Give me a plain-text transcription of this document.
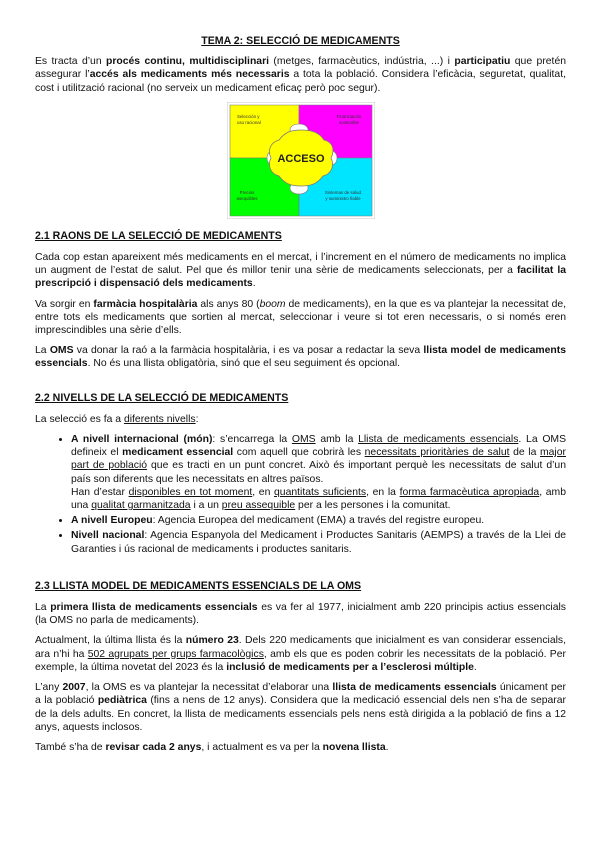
TEMA 2: SELECCIÓ DE MEDICAMENTS

Es tracta d’un procés continu, multidisciplinari (metges, farmacèutics, indústria, ...) i participatiu que pretén assegurar l’accés als medicaments més necessaris a tota la població. Considera l’eficàcia, seguretat, qualitat, cost i utilització racional (no serveix un medicament eficaç però poc segur).

ACCESO
Selección y
uso racional
Financiación
sostenible
Precios
asequibles
Sistemas de salud
y suministro fiable
2.1 RAONS DE LA SELECCIÓ DE MEDICAMENTS

Cada cop estan apareixent més medicaments en el mercat, i l’increment en el número de medicaments no implica un augment de l’estat de salut. Pel que és millor tenir una sèrie de medicaments seleccionats, per a facilitat la prescripció i dispensació dels medicaments.

Va sorgir en farmàcia hospitalària als anys 80 (boom de medicaments), en la que es va plantejar la necessitat de, entre tots els medicaments que sortien al mercat, seleccionar i veure si tot eren necessaris, o si només eren imprescindibles una sèrie d’ells.

La OMS va donar la raó a la farmàcia hospitalària, i es va posar a redactar la seva llista model de medicaments essencials. No és una llista obligatòria, sinó que el seu seguiment és opcional.

2.2 NIVELLS DE LA SELECCIÓ DE MEDICAMENTS

La selecció es fa a diferents nivells:

• A nivell internacional (món): s’encarrega la OMS amb la Llista de medicaments essencials. La OMS defineix el medicament essencial com aquell que cobrirà les necessitats prioritàries de salut de la major part de població que es tracti en un punt concret. Això és important perquè les necessitats de salut d’un país son diferents que les necessitats en altres països.
Han d’estar disponibles en tot moment, en quantitats suficients, en la forma farmacèutica apropiada, amb una qualitat garmanitzada i a un preu assequible per a les persones i la comunitat.
• A nivell Europeu: Agencia Europea del medicament (EMA) a través del registre europeu.
• Nivell nacional: Agencia Espanyola del Medicament i Productes Sanitaris (AEMPS) a través de la Llei de Garanties i ús racional de medicaments i productes sanitaris.
2.3 LLISTA MODEL DE MEDICAMENTS ESSENCIALS DE LA OMS

La primera llista de medicaments essencials es va fer al 1977, inicialment amb 220 principis actius essencials (la OMS no parla de medicaments).

Actualment, la última llista és la número 23. Dels 220 medicaments que inicialment es van considerar essencials, ara n’hi ha 502 agrupats per grups farmacològics, amb els que es poden cobrir les necessitats de la població. Per exemple, la última novetat del 2023 és la inclusió de medicaments per a l’esclerosi múltiple.

L’any 2007, la OMS es va plantejar la necessitat d’elaborar una llista de medicaments essencials únicament per a la població pediàtrica (fins a nens de 12 anys). Considera que la medicació essencial dels nen s’ha de separar de la dels adults. En concret, la llista de medicaments essencials pels nens està dirigida a la població de fins a 12 anys, aquests inclosos.

També s’ha de revisar cada 2 anys, i actualment es va per la novena llista.
